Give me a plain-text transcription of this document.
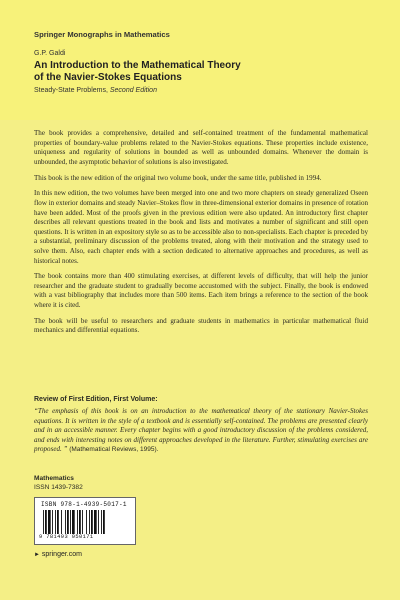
Springer Monographs in Mathematics
G.P. Galdi
An Introduction to the Mathematical Theory
of the Navier-Stokes Equations
Steady-State Problems, Second Edition

The book provides a comprehensive, detailed and self-contained treatment of the fundamental mathematical properties of boundary-value problems related to the Navier-Stokes equations. These properties include existence, uniqueness and regularity of solutions in bounded as well as unbounded domains. Whenever the domain is unbounded, the asymptotic behavior of solutions is also investigated.

This book is the new edition of the original two volume book, under the same title, published in 1994.

In this new edition, the two volumes have been merged into one and two more chapters on steady generalized Oseen flow in exterior domains and steady Navier–Stokes flow in three-dimensional exterior domains in presence of rotation have been added. Most of the proofs given in the previous edition were also updated. An introductory first chapter describes all relevant questions treated in the book and lists and motivates a number of significant and still open questions. It is written in an expository style so as to be accessible also to non-specialists. Each chapter is preceded by a substantial, preliminary discussion of the problems treated, along with their motivation and the strategy used to solve them. Also, each chapter ends with a section dedicated to alternative approaches and procedures, as well as historical notes.

The book contains more than 400 stimulating exercises, at different levels of difficulty, that will help the junior researcher and the graduate student to gradually become accustomed with the subject. Finally, the book is endowed with a vast bibliography that includes more than 500 items. Each item brings a reference to the section of the book where it is cited.

The book will be useful to researchers and graduate students in mathematics in particular mathematical fluid mechanics and differential equations.

Review of First Edition, First Volume:
“The emphasis of this book is on an introduction to the mathematical theory of the stationary Navier-Stokes equations. It is written in the style of a textbook and is essentially self-contained. The problems are presented clearly and in an accessible manner. Every chapter begins with a good introductory discussion of the problems considered, and ends with interesting notes on different approaches developed in the literature. Further, stimulating exercises are proposed. ” (Mathematical Reviews, 1995).
Mathematics
ISSN 1439-7382
ISBN 978-1-4939-5017-1
9 781493 950171
► springer.com
